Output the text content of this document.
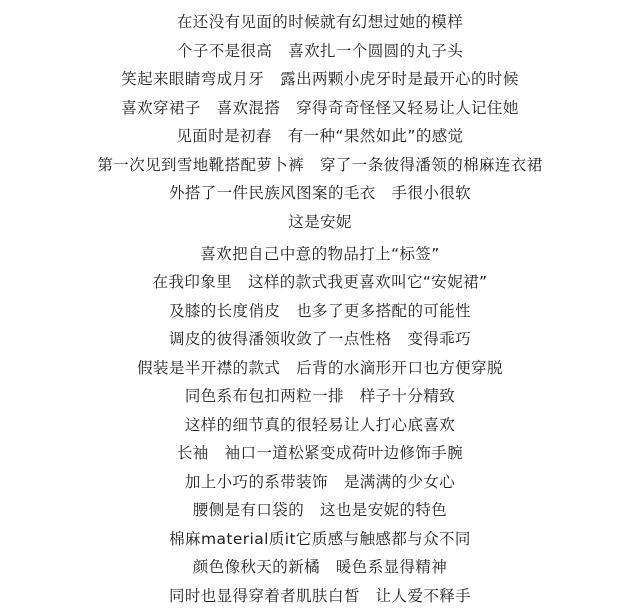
在还没有见面的时候就有幻想过她的模样
个子不是很高　喜欢扎一个圆圆的丸子头
笑起来眼睛弯成月牙　露出两颗小虎牙时是最开心的时候
喜欢穿裙子　喜欢混搭　穿得奇奇怪怪又轻易让人记住她
见面时是初春　有一种“果然如此”的感觉
第一次见到雪地靴搭配萝卜裤　穿了一条彼得潘领的棉麻连衣裙
外搭了一件民族风图案的毛衣　手很小很软
这是安妮
喜欢把自己中意的物品打上“标签”
在我印象里　这样的款式我更喜欢叫它“安妮裙”
及膝的长度俏皮　也多了更多搭配的可能性
调皮的彼得潘领收敛了一点性格　变得乖巧
假装是半开襟的款式　后背的水滴形开口也方便穿脱
同色系布包扣两粒一排　样子十分精致
这样的细节真的很轻易让人打心底喜欢
长袖　袖口一道松紧变成荷叶边修饰手腕
加上小巧的系带装饰　是满满的少女心
腰侧是有口袋的　这也是安妮的特色
棉麻material质it它质感与触感都与众不同
颜色像秋天的新橘　暖色系显得精神
同时也显得穿着者肌肤白皙　让人爱不释手
